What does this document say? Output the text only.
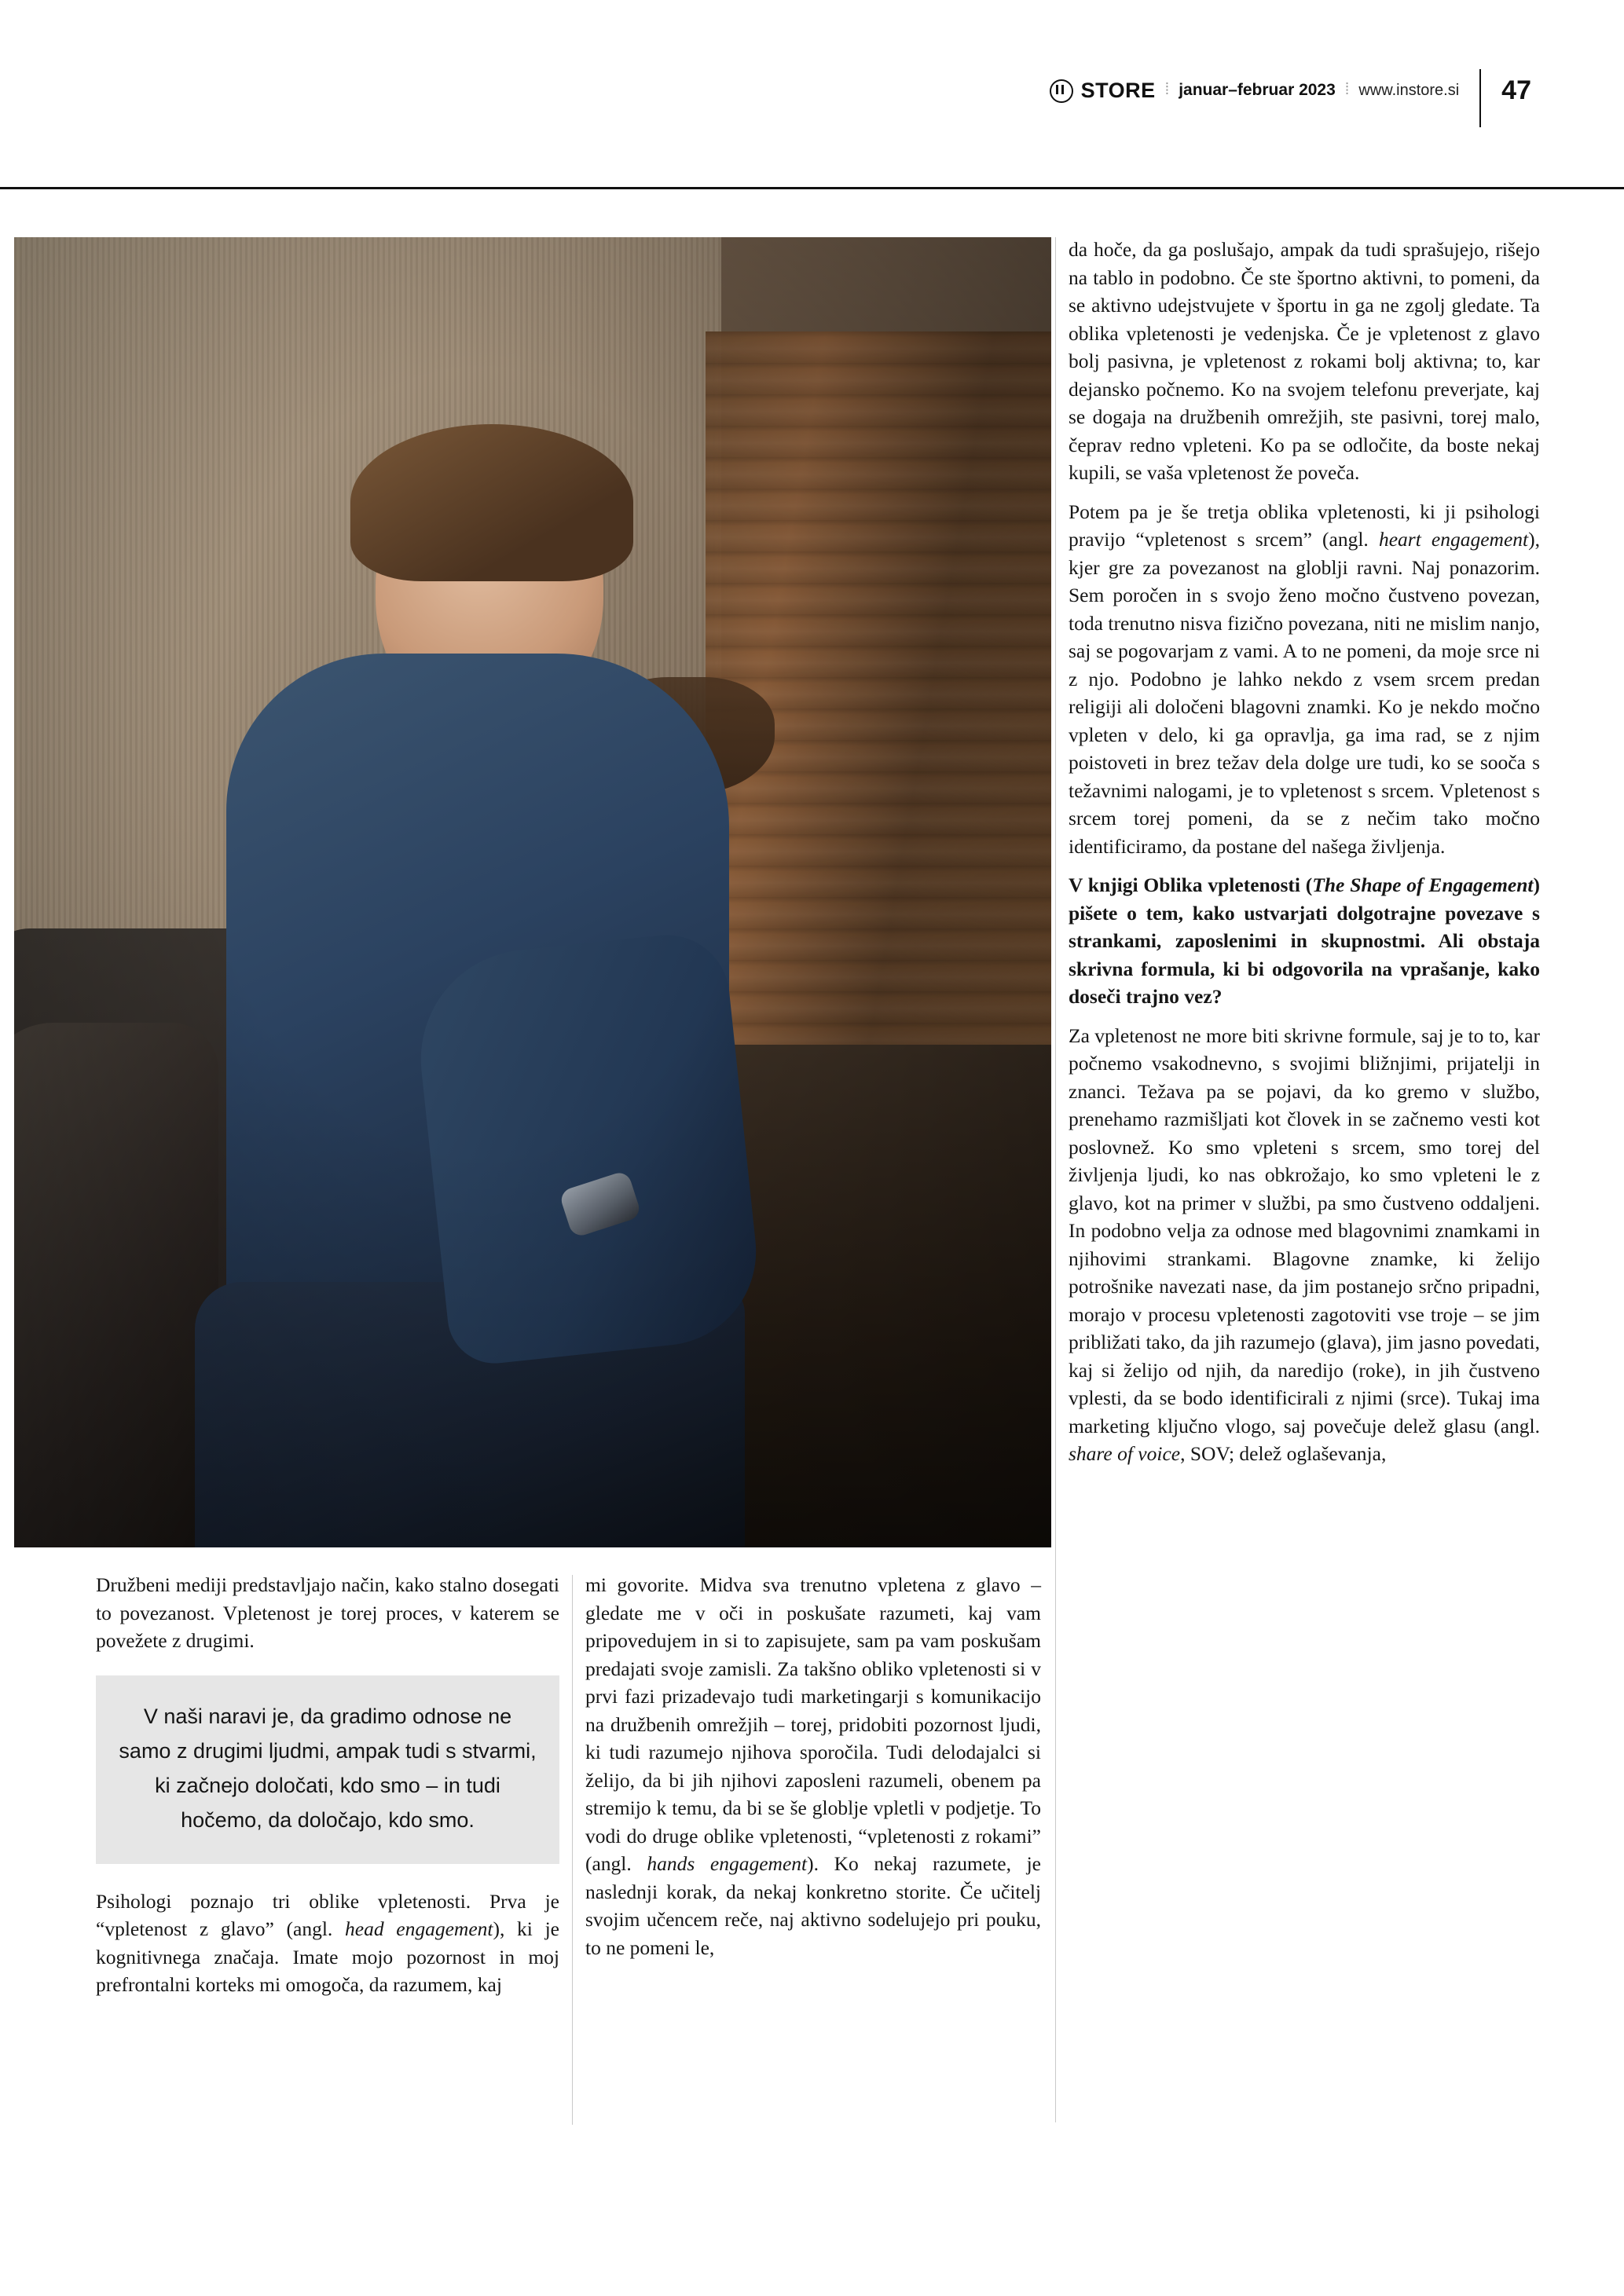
STORE ⁞ januar–februar 2023 ⁞ www.instore.si 47

Družbeni mediji predstavljajo način, kako stalno dosegati to povezanost. Vpletenost je torej proces, v katerem se povežete z drugimi.

V naši naravi je, da gradimo odnose ne samo z drugimi ljudmi, ampak tudi s stvarmi, ki začnejo določati, kdo smo – in tudi hočemo, da določajo, kdo smo.

Psihologi poznajo tri oblike vpletenosti. Prva je “vpletenost z glavo” (angl. head engagement), ki je kognitivnega značaja. Imate mojo pozornost in moj prefrontalni korteks mi omogoča, da razumem, kaj

mi govorite. Midva sva trenutno vpletena z glavo – gledate me v oči in poskušate razumeti, kaj vam pripovedujem in si to zapisujete, sam pa vam poskušam predajati svoje zamisli. Za takšno obliko vpletenosti si v prvi fazi prizadevajo tudi marketingarji s komunikacijo na družbenih omrežjih – torej, pridobiti pozornost ljudi, ki tudi razumejo njihova sporočila. Tudi delodajalci si želijo, da bi jih njihovi zaposleni razumeli, obenem pa stremijo k temu, da bi se še globlje vpletli v podjetje. To vodi do druge oblike vpletenosti, “vpletenosti z rokami” (angl. hands engagement). Ko nekaj razumete, je naslednji korak, da nekaj konkretno storite. Če učitelj svojim učencem reče, naj aktivno sodelujejo pri pouku, to ne pomeni le,

da hoče, da ga poslušajo, ampak da tudi sprašujejo, rišejo na tablo in podobno. Če ste športno aktivni, to pomeni, da se aktivno udejstvujete v športu in ga ne zgolj gledate. Ta oblika vpletenosti je vedenjska. Če je vpletenost z glavo bolj pasivna, je vpletenost z rokami bolj aktivna; to, kar dejansko počnemo. Ko na svojem telefonu preverjate, kaj se dogaja na družbenih omrežjih, ste pasivni, torej malo, čeprav redno vpleteni. Ko pa se odločite, da boste nekaj kupili, se vaša vpletenost že poveča.

Potem pa je še tretja oblika vpletenosti, ki ji psihologi pravijo “vpletenost s srcem” (angl. heart engagement), kjer gre za povezanost na globlji ravni. Naj ponazorim. Sem poročen in s svojo ženo močno čustveno povezan, toda trenutno nisva fizično povezana, niti ne mislim nanjo, saj se pogovarjam z vami. A to ne pomeni, da moje srce ni z njo. Podobno je lahko nekdo z vsem srcem predan religiji ali določeni blagovni znamki. Ko je nekdo močno vpleten v delo, ki ga opravlja, ga ima rad, se z njim poistoveti in brez težav dela dolge ure tudi, ko se sooča s težavnimi nalogami, je to vpletenost s srcem. Vpletenost s srcem torej pomeni, da se z nečim tako močno identificiramo, da postane del našega življenja.

V knjigi Oblika vpletenosti (The Shape of Engagement) pišete o tem, kako ustvarjati dolgotrajne povezave s strankami, zaposlenimi in skupnostmi. Ali obstaja skrivna formula, ki bi odgovorila na vprašanje, kako doseči trajno vez?

Za vpletenost ne more biti skrivne formule, saj je to to, kar počnemo vsakodnevno, s svojimi bližnjimi, prijatelji in znanci. Težava pa se pojavi, da ko gremo v službo, prenehamo razmišljati kot človek in se začnemo vesti kot poslovnež. Ko smo vpleteni s srcem, smo torej del življenja ljudi, ko nas obkrožajo, ko smo vpleteni le z glavo, kot na primer v službi, pa smo čustveno oddaljeni. In podobno velja za odnose med blagovnimi znamkami in njihovimi strankami. Blagovne znamke, ki želijo potrošnike navezati nase, da jim postanejo srčno pripadni, morajo v procesu vpletenosti zagotoviti vse troje – se jim približati tako, da jih razumejo (glava), jim jasno povedati, kaj si želijo od njih, da naredijo (roke), in jih čustveno vplesti, da se bodo identificirali z njimi (srce). Tukaj ima marketing ključno vlogo, saj povečuje delež glasu (angl. share of voice, SOV; delež oglaševanja,
